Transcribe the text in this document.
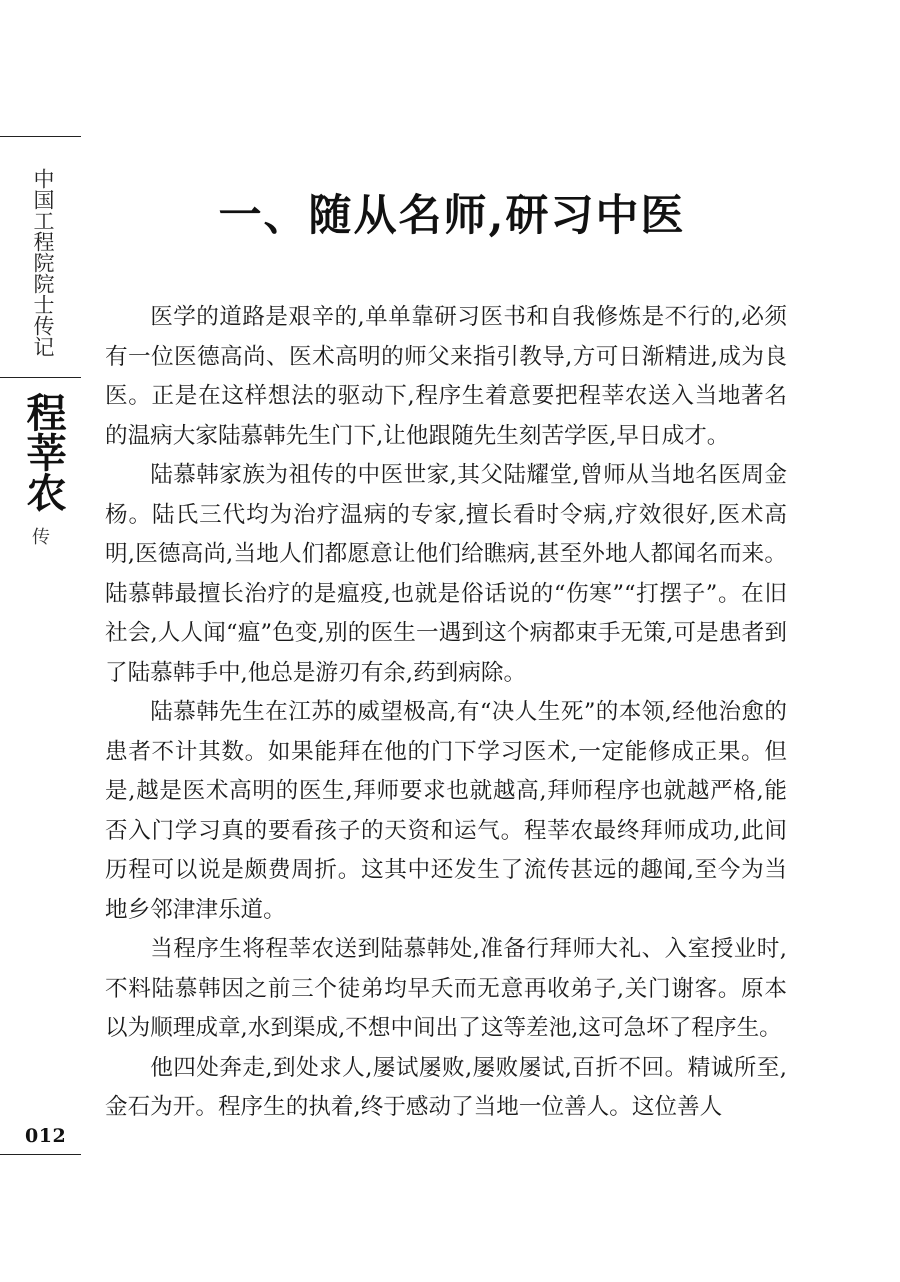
中国工程院院士传记
程莘农
传
012
一、随从名师,研习中医

医学的道路是艰辛的,单单靠研习医书和自我修炼是不行的,必须有一位医德高尚、医术高明的师父来指引教导,方可日渐精进,成为良医。正是在这样想法的驱动下,程序生着意要把程莘农送入当地著名的温病大家陆慕韩先生门下,让他跟随先生刻苦学医,早日成才。

陆慕韩家族为祖传的中医世家,其父陆耀堂,曾师从当地名医周金杨。陆氏三代均为治疗温病的专家,擅长看时令病,疗效很好,医术高明,医德高尚,当地人们都愿意让他们给瞧病,甚至外地人都闻名而来。陆慕韩最擅长治疗的是瘟疫,也就是俗话说的“伤寒”“打摆子”。在旧社会,人人闻“瘟”色变,别的医生一遇到这个病都束手无策,可是患者到了陆慕韩手中,他总是游刃有余,药到病除。

陆慕韩先生在江苏的威望极高,有“决人生死”的本领,经他治愈的患者不计其数。如果能拜在他的门下学习医术,一定能修成正果。但是,越是医术高明的医生,拜师要求也就越高,拜师程序也就越严格,能否入门学习真的要看孩子的天资和运气。程莘农最终拜师成功,此间历程可以说是颇费周折。这其中还发生了流传甚远的趣闻,至今为当地乡邻津津乐道。

当程序生将程莘农送到陆慕韩处,准备行拜师大礼、入室授业时,不料陆慕韩因之前三个徒弟均早夭而无意再收弟子,关门谢客。原本以为顺理成章,水到渠成,不想中间出了这等差池,这可急坏了程序生。

他四处奔走,到处求人,屡试屡败,屡败屡试,百折不回。精诚所至,金石为开。程序生的执着,终于感动了当地一位善人。这位善人
